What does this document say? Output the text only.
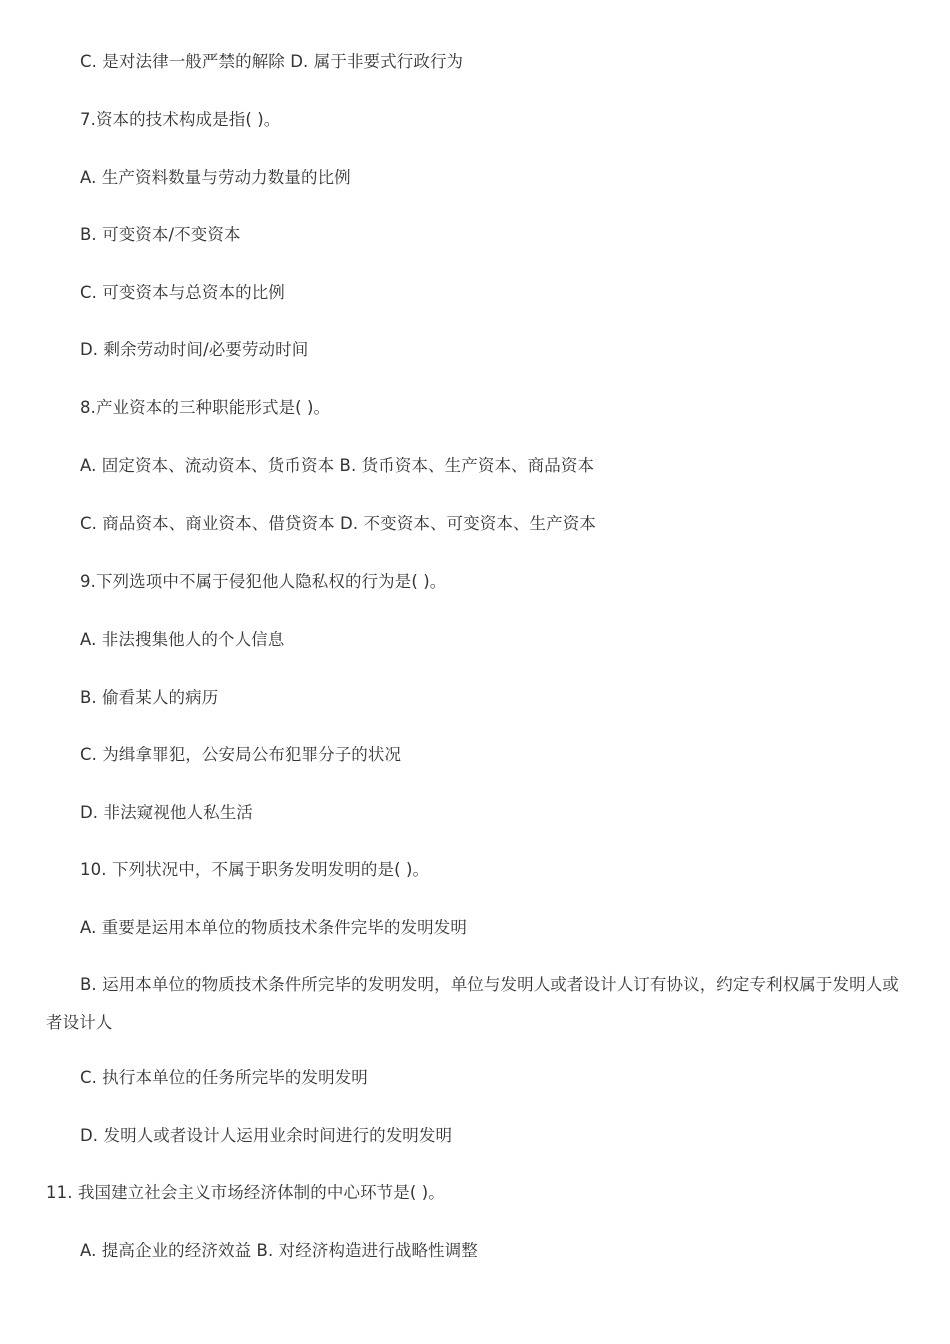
C. 是对法律一般严禁的解除 D. 属于非要式行政行为
7.资本的技术构成是指( )。
A. 生产资料数量与劳动力数量的比例
B. 可变资本/不变资本
C. 可变资本与总资本的比例
D. 剩余劳动时间/必要劳动时间
8.产业资本的三种职能形式是( )。
A. 固定资本、流动资本、货币资本 B. 货币资本、生产资本、商品资本
C. 商品资本、商业资本、借贷资本 D. 不变资本、可变资本、生产资本
9.下列选项中不属于侵犯他人隐私权的行为是( )。
A. 非法搜集他人的个人信息
B. 偷看某人的病历
C. 为缉拿罪犯，公安局公布犯罪分子的状况
D. 非法窥视他人私生活
10. 下列状况中，不属于职务发明发明的是( )。
A. 重要是运用本单位的物质技术条件完毕的发明发明
B. 运用本单位的物质技术条件所完毕的发明发明，单位与发明人或者设计人订有协议，约定专利权属于发明人或者设计人
C. 执行本单位的任务所完毕的发明发明
D. 发明人或者设计人运用业余时间进行的发明发明
11. 我国建立社会主义市场经济体制的中心环节是( )。
A. 提高企业的经济效益 B. 对经济构造进行战略性调整
